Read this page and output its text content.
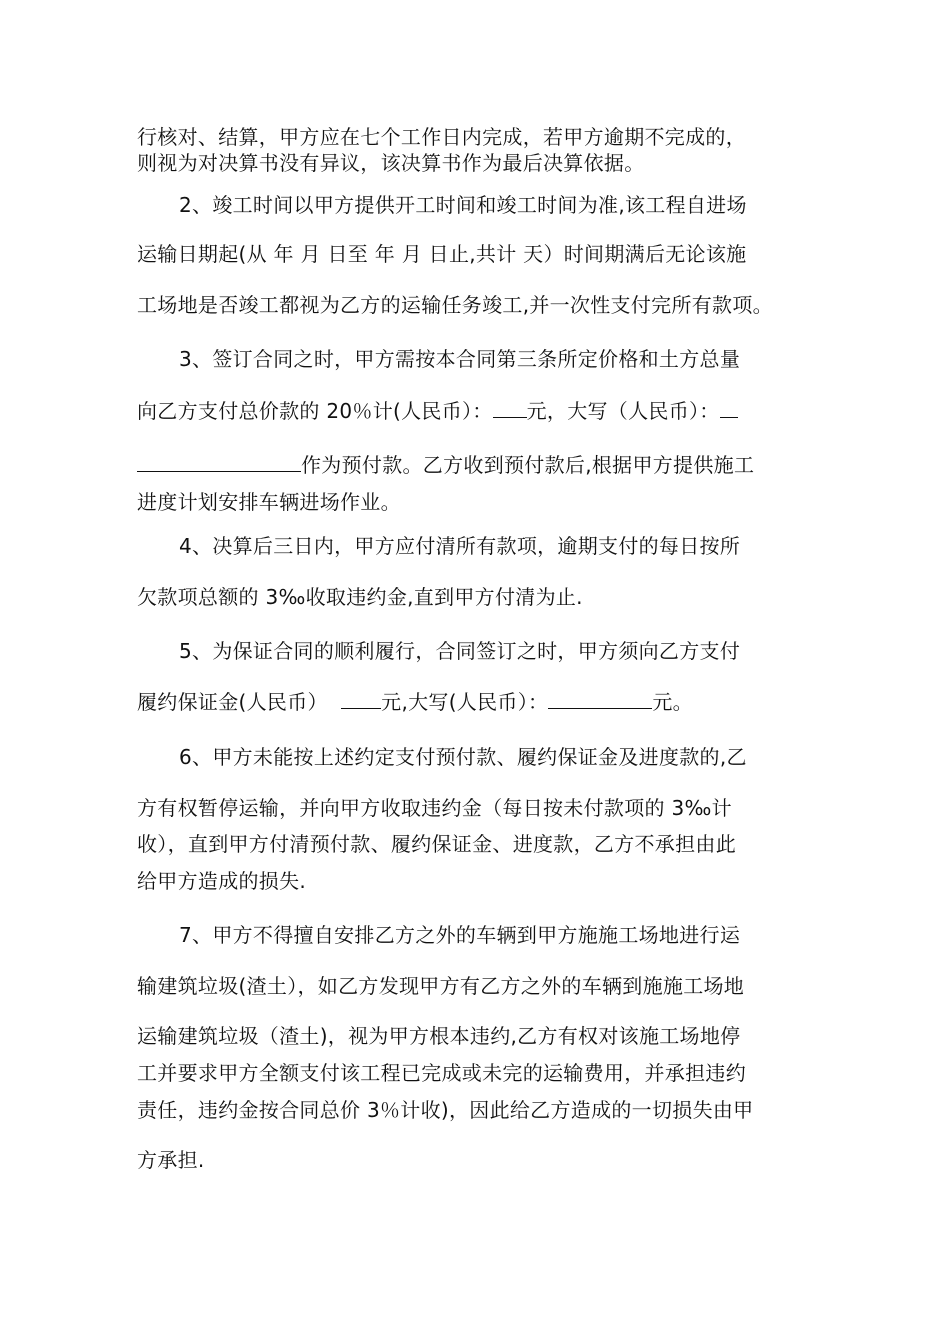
行核对、结算，甲方应在七个工作日内完成，若甲方逾期不完成的，
则视为对决算书没有异议，该决算书作为最后决算依据。
2、竣工时间以甲方提供开工时间和竣工时间为准,该工程自进场
运输日期起(从 年 月 日至 年 月 日止,共计 天）时间期满后无论该施
工场地是否竣工都视为乙方的运输任务竣工,并一次性支付完所有款项。
3、签订合同之时，甲方需按本合同第三条所定价格和土方总量
向乙方支付总价款的 20％计(人民币）： 元，大写（人民币）：
作为预付款。乙方收到预付款后,根据甲方提供施工
进度计划安排车辆进场作业。
4、决算后三日内，甲方应付清所有款项，逾期支付的每日按所
欠款项总额的 3‰收取违约金,直到甲方付清为止.
5、为保证合同的顺利履行，合同签订之时，甲方须向乙方支付
履约保证金(人民币）	元,大写(人民币）：	元。
6、甲方未能按上述约定支付预付款、履约保证金及进度款的,乙
方有权暂停运输，并向甲方收取违约金（每日按未付款项的 3‰计
收），直到甲方付清预付款、履约保证金、进度款，乙方不承担由此
给甲方造成的损失.
7、甲方不得擅自安排乙方之外的车辆到甲方施施工场地进行运
输建筑垃圾(渣土），如乙方发现甲方有乙方之外的车辆到施施工场地
运输建筑垃圾（渣土)，视为甲方根本违约,乙方有权对该施工场地停
工并要求甲方全额支付该工程已完成或未完的运输费用，并承担违约
责任，违约金按合同总价 3％计收)，因此给乙方造成的一切损失由甲
方承担.
